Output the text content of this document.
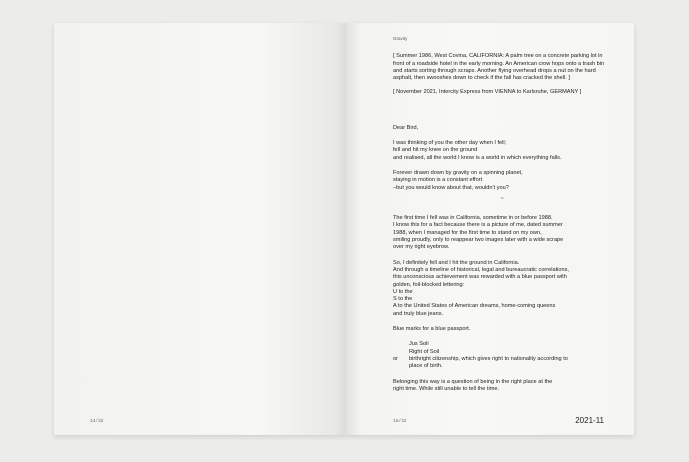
14/32
Gravity

[ Summer 1986, West Covina, CALIFORNIA: A palm tree on a concrete parking lot in front of a roadside hotel in the early morning. An American crow hops onto a trash bin and starts sorting through scraps. Another flying overhead drops a nut on the hard asphalt, then swooshes down to check if the fall has cracked the shell. ]

[ November 2021, Intercity Express from VIENNA to Karlsruhe, GERMANY ]

Dear Bird,

I was thinking of you the other day when I fell;
fell and hit my knee on the ground
and realised, all the world I know is a world in which everything falls.
Forever drawn down by gravity on a spinning planet,
staying in motion is a constant effort
–but you would know about that, wouldn't you?

~

The first time I fell was in California, sometime in or before 1988.
I know this for a fact because there is a picture of me, dated summer
1988, when I managed for the first time to stand on my own,
smiling proudly, only to reappear two images later with a wide scrape
over my right eyebrow.
So, I definitely fell and I hit the ground in California.
And through a timeline of historical, legal and bureaucratic correlations,
this unconscious achievement was rewarded with a blue passport with
golden, foil-blocked lettering:
U to the
S to the
A to the United States of American dreams, home-coming queens
and truly blue jeans.

Blue marks for a blue passport.

Jus Soli
Right of Soil
or	birthright citizenship, which gives right to nationality according to
place of birth.
Belonging this way is a question of being in the right place at the
right time. While still unable to tell the time.
15/32	2021-11
